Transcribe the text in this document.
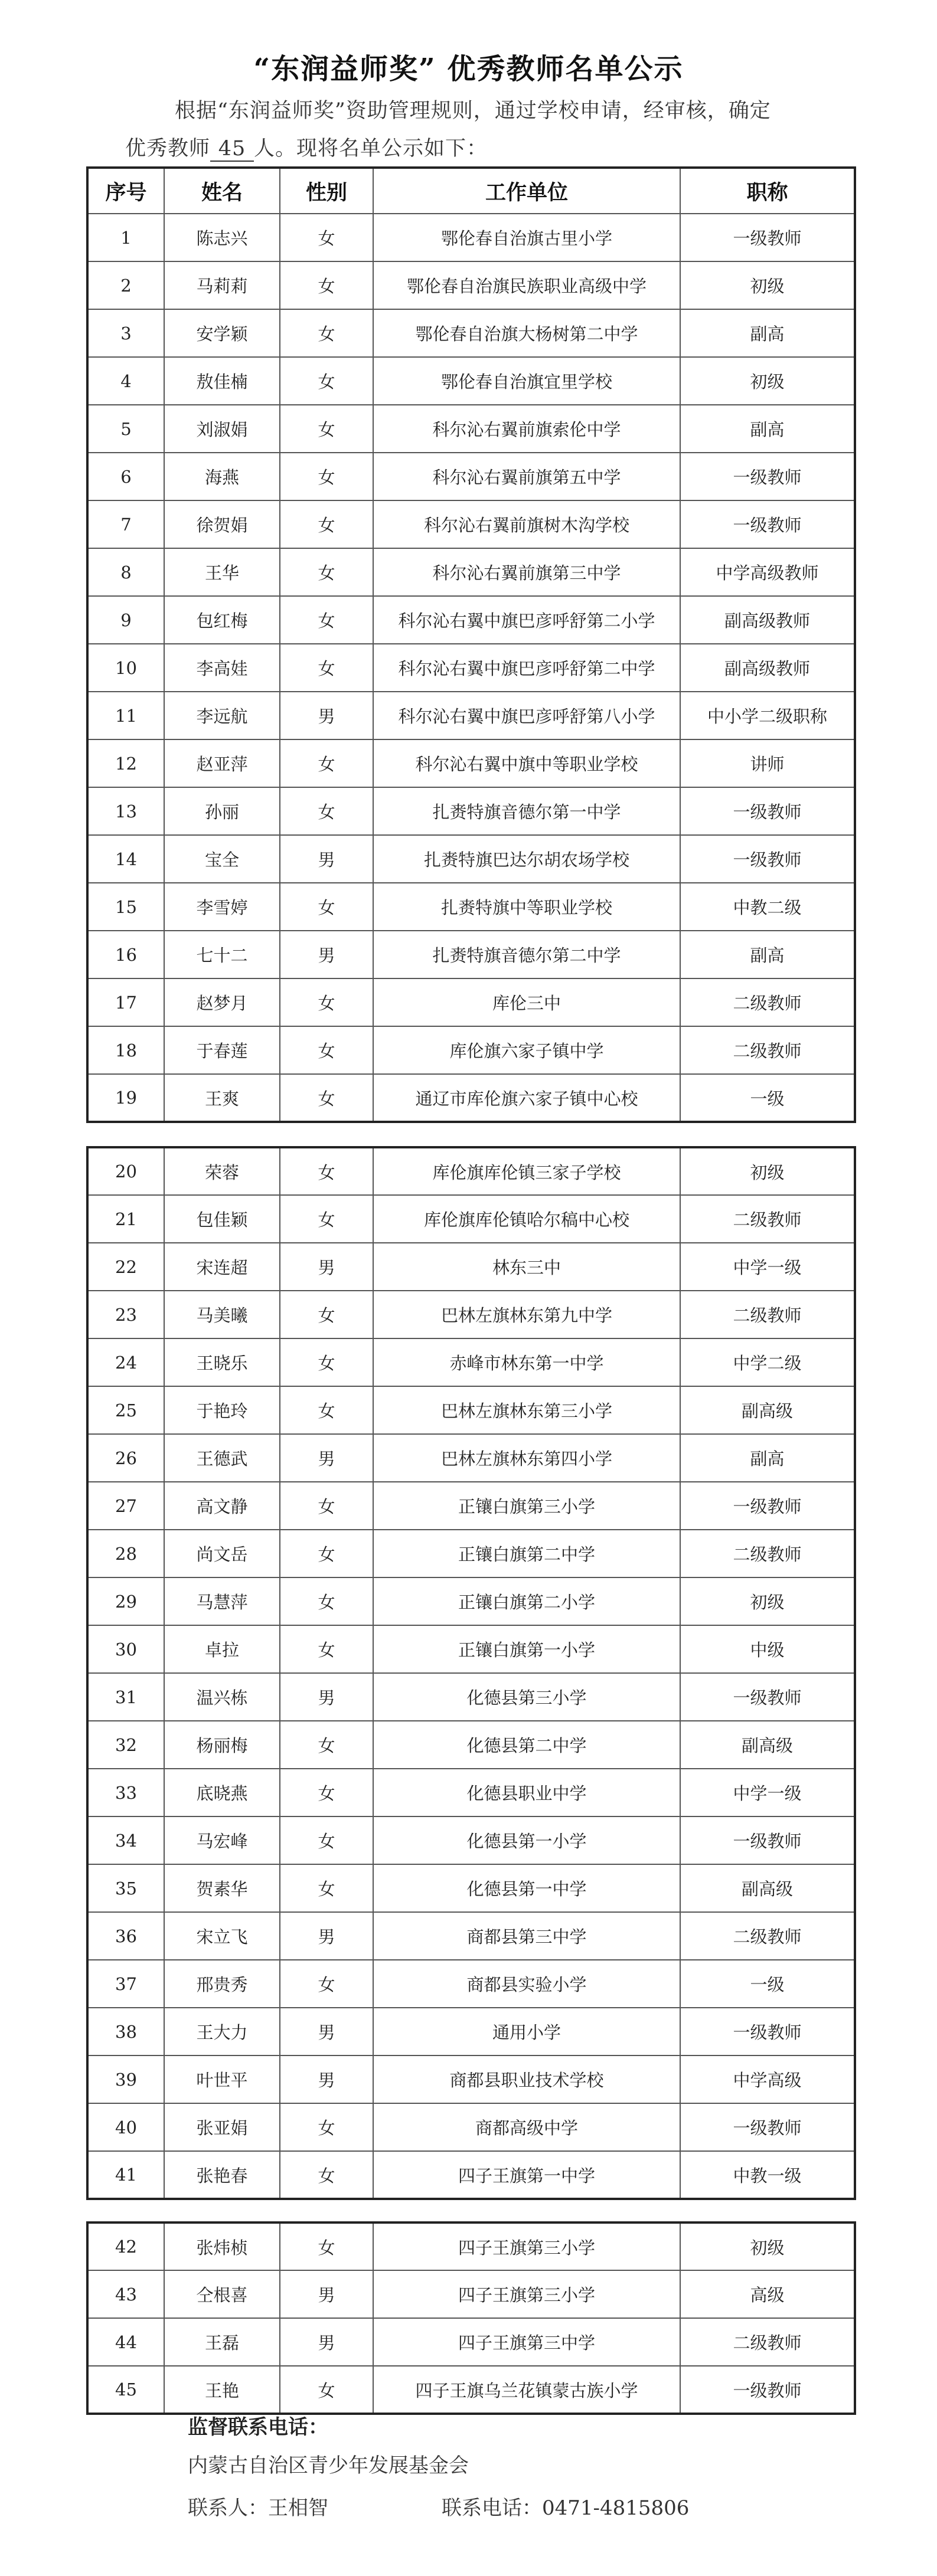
“东润益师奖” 优秀教师名单公示
根据“东润益师奖”资助管理规则，通过学校申请，经审核，确定
优秀教师 45 人。现将名单公示如下：
序号	姓名	性别	工作单位	职称
1	陈志兴	女	鄂伦春自治旗古里小学	一级教师
2	马莉莉	女	鄂伦春自治旗民族职业高级中学	初级
3	安学颖	女	鄂伦春自治旗大杨树第二中学	副高
4	敖佳楠	女	鄂伦春自治旗宜里学校	初级
5	刘淑娟	女	科尔沁右翼前旗索伦中学	副高
6	海燕	女	科尔沁右翼前旗第五中学	一级教师
7	徐贺娟	女	科尔沁右翼前旗树木沟学校	一级教师
8	王华	女	科尔沁右翼前旗第三中学	中学高级教师
9	包红梅	女	科尔沁右翼中旗巴彦呼舒第二小学	副高级教师
10	李高娃	女	科尔沁右翼中旗巴彦呼舒第二中学	副高级教师
11	李远航	男	科尔沁右翼中旗巴彦呼舒第八小学	中小学二级职称
12	赵亚萍	女	科尔沁右翼中旗中等职业学校	讲师
13	孙丽	女	扎赉特旗音德尔第一中学	一级教师
14	宝全	男	扎赉特旗巴达尔胡农场学校	一级教师
15	李雪婷	女	扎赉特旗中等职业学校	中教二级
16	七十二	男	扎赉特旗音德尔第二中学	副高
17	赵梦月	女	库伦三中	二级教师
18	于春莲	女	库伦旗六家子镇中学	二级教师
19	王爽	女	通辽市库伦旗六家子镇中心校	一级
20	荣蓉	女	库伦旗库伦镇三家子学校	初级
21	包佳颖	女	库伦旗库伦镇哈尔稿中心校	二级教师
22	宋连超	男	林东三中	中学一级
23	马美曦	女	巴林左旗林东第九中学	二级教师
24	王晓乐	女	赤峰市林东第一中学	中学二级
25	于艳玲	女	巴林左旗林东第三小学	副高级
26	王德武	男	巴林左旗林东第四小学	副高
27	高文静	女	正镶白旗第三小学	一级教师
28	尚文岳	女	正镶白旗第二中学	二级教师
29	马慧萍	女	正镶白旗第二小学	初级
30	卓拉	女	正镶白旗第一小学	中级
31	温兴栋	男	化德县第三小学	一级教师
32	杨丽梅	女	化德县第二中学	副高级
33	底晓燕	女	化德县职业中学	中学一级
34	马宏峰	女	化德县第一小学	一级教师
35	贺素华	女	化德县第一中学	副高级
36	宋立飞	男	商都县第三中学	二级教师
37	邢贵秀	女	商都县实验小学	一级
38	王大力	男	通用小学	一级教师
39	叶世平	男	商都县职业技术学校	中学高级
40	张亚娟	女	商都高级中学	一级教师
41	张艳春	女	四子王旗第一中学	中教一级
42	张炜桢	女	四子王旗第三小学	初级
43	仝根喜	男	四子王旗第三小学	高级
44	王磊	男	四子王旗第三中学	二级教师
45	王艳	女	四子王旗乌兰花镇蒙古族小学	一级教师
监督联系电话：
内蒙古自治区青少年发展基金会
联系人：王相智	联系电话：0471-4815806
